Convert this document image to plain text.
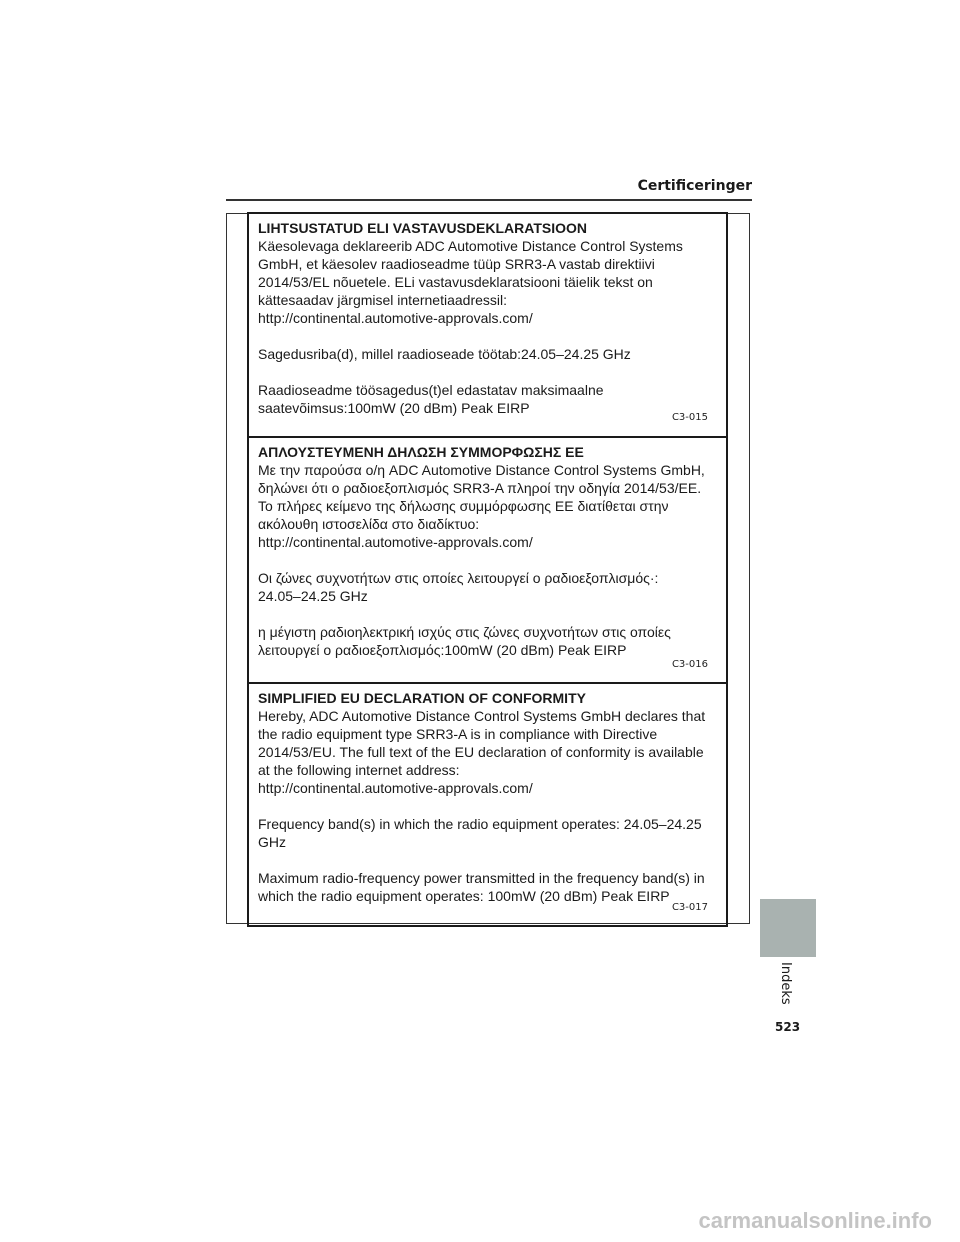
Certificeringer

LIHTSUSTATUD ELI VASTAVUSDEKLARATSIOON

Käesolevaga deklareerib ADC Automotive Distance Control Systems

GmbH, et käesolev raadioseadme tüüp SRR3-A vastab direktiivi

2014/53/EL nõuetele. ELi vastavusdeklaratsiooni täielik tekst on

kättesaadav järgmisel internetiaadressil:

http://continental.automotive-approvals.com/

Sagedusriba(d), millel raadioseade töötab:24.05–24.25 GHz

Raadioseadme töösagedus(t)el edastatav maksimaalne

saatevõimsus:100mW (20 dBm) Peak EIRP

C3-015

ΑΠΛΟΥΣΤΕΥΜΕΝΗ ΔΗΛΩΣΗ ΣΥΜΜΟΡΦΩΣΗΣ ΕΕ

Με την παρούσα ο/η ADC Automotive Distance Control Systems GmbH,

δηλώνει ότι ο ραδιοεξοπλισμός SRR3-A πληροί την οδηγία 2014/53/ΕΕ.

Το πλήρες κείμενο της δήλωσης συμμόρφωσης ΕΕ διατίθεται στην

ακόλουθη ιστοσελίδα στο διαδίκτυο:

http://continental.automotive-approvals.com/

Οι ζώνες συχνοτήτων στις οποίες λειτουργεί ο ραδιοεξοπλισμός·:

24.05–24.25 GHz

η μέγιστη ραδιοηλεκτρική ισχύς στις ζώνες συχνοτήτων στις οποίες

λειτουργεί ο ραδιοεξοπλισμός:100mW (20 dBm) Peak EIRP

C3-016

SIMPLIFIED EU DECLARATION OF CONFORMITY

Hereby, ADC Automotive Distance Control Systems GmbH declares that

the radio equipment type SRR3-A is in compliance with Directive

2014/53/EU. The full text of the EU declaration of conformity is available

at the following internet address:

http://continental.automotive-approvals.com/

Frequency band(s) in which the radio equipment operates: 24.05–24.25

GHz

Maximum radio-frequency power transmitted in the frequency band(s) in

which the radio equipment operates: 100mW (20 dBm) Peak EIRP

C3-017
Indeks
523
carmanualsonline.info
